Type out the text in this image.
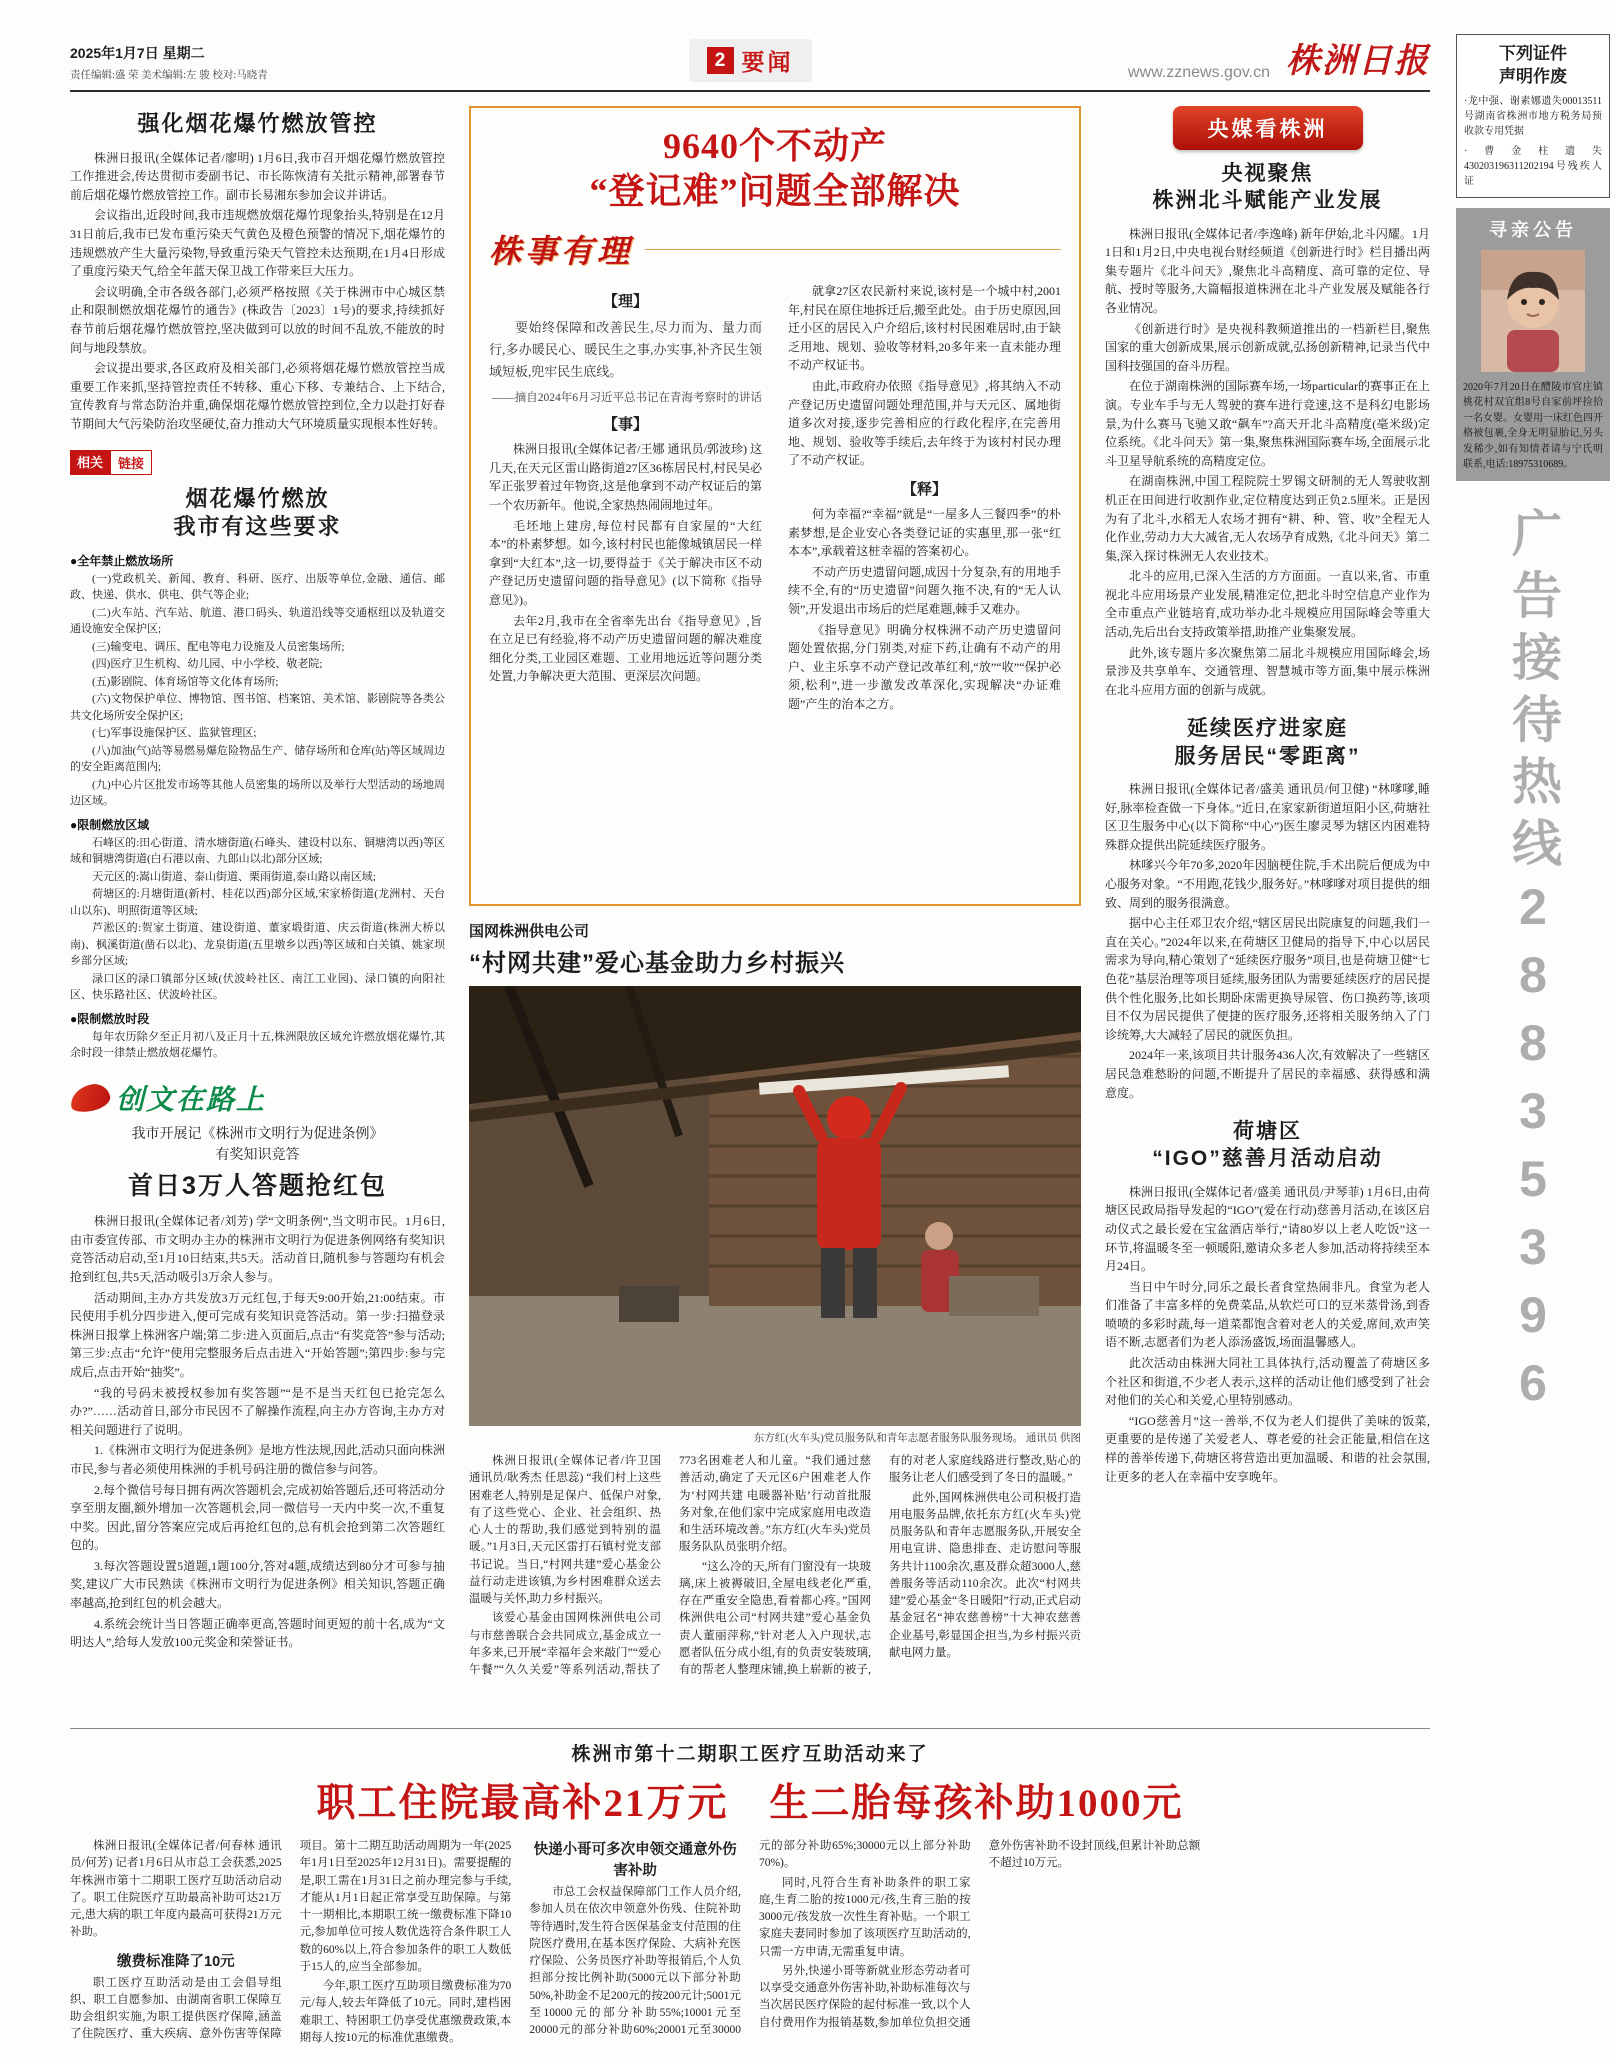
2025年1月7日 星期二
责任编辑:盛 荣 美术编辑:左 骏 校对:马晓青
2 要闻	www.zznews.gov.cn 株洲日报
强化烟花爆竹燃放管控

株洲日报讯(全媒体记者/廖明) 1月6日,我市召开烟花爆竹燃放管控工作推进会,传达贯彻市委副书记、市长陈恢清有关批示精神,部署春节前后烟花爆竹燃放管控工作。副市长易湘东参加会议并讲话。

会议指出,近段时间,我市违规燃放烟花爆竹现象抬头,特别是在12月31日前后,我市已发布重污染天气黄色及橙色预警的情况下,烟花爆竹的违规燃放产生大量污染物,导致重污染天气管控未达预期,在1月4日形成了重度污染天气,给全年蓝天保卫战工作带来巨大压力。

会议明确,全市各级各部门,必须严格按照《关于株洲市中心城区禁止和限制燃放烟花爆竹的通告》(株政告〔2023〕1号)的要求,持续抓好春节前后烟花爆竹燃放管控,坚决做到可以放的时间不乱放,不能放的时间与地段禁放。

会议提出要求,各区政府及相关部门,必须将烟花爆竹燃放管控当成重要工作来抓,坚持管控责任不转移、重心下移、专兼结合、上下结合,宣传教育与常态防治并重,确保烟花爆竹燃放管控到位,全力以赴打好春节期间大气污染防治攻坚硬仗,奋力推动大气环境质量实现根本性好转。

相关	链接
烟花爆竹燃放
我市有这些要求
●全年禁止燃放场所

(一)党政机关、新闻、教育、科研、医疗、出版等单位,金融、通信、邮政、快递、供水、供电、供气等企业;

(二)火车站、汽车站、航道、港口码头、轨道沿线等交通枢纽以及轨道交通设施安全保护区;

(三)输变电、调压、配电等电力设施及人员密集场所;

(四)医疗卫生机构、幼儿园、中小学校、敬老院;

(五)影剧院、体育场馆等文化体育场所;

(六)文物保护单位、博物馆、图书馆、档案馆、美术馆、影剧院等各类公共文化场所安全保护区;

(七)军事设施保护区、监狱管理区;

(八)加油(气)站等易燃易爆危险物品生产、储存场所和仓库(站)等区域周边的安全距离范围内;

(九)中心片区批发市场等其他人员密集的场所以及举行大型活动的场地周边区域。

●限制燃放区域

石峰区的:田心街道、清水塘街道(石峰头、建设村以东、铜塘湾以西)等区域和铜塘湾街道(白石港以南、九郎山以北)部分区域;

天元区的:嵩山街道、泰山街道、栗雨街道,泰山路以南区域;

荷塘区的:月塘街道(新村、桂花以西)部分区域,宋家桥街道(龙洲村、天台山以东)、明照街道等区域;

芦淞区的:贺家土街道、建设街道、董家塅街道、庆云街道(株洲大桥以南)、枫溪街道(凿石以北)、龙泉街道(五里墩乡以西)等区域和白关镇、姚家坝乡部分区域;

渌口区的渌口镇部分区域(伏波岭社区、南江工业园)、渌口镇的向阳社区、快乐路社区、伏波岭社区。

●限制燃放时段

每年农历除夕至正月初八及正月十五,株洲限放区域允许燃放烟花爆竹,其余时段一律禁止燃放烟花爆竹。

创文在路上
我市开展记《株洲市文明行为促进条例》
有奖知识竞答
首日3万人答题抢红包

株洲日报讯(全媒体记者/刘芳) 学“文明条例”,当文明市民。1月6日,由市委宣传部、市文明办主办的株洲市文明行为促进条例网络有奖知识竞答活动启动,至1月10日结束,共5天。活动首日,随机参与答题均有机会抢到红包,共5天,活动吸引3万余人参与。

活动期间,主办方共发放3万元红包,于每天9:00开始,21:00结束。市民使用手机分四步进入,便可完成有奖知识竞答活动。第一步:扫描登录株洲日报掌上株洲客户端;第二步:进入页面后,点击“有奖竞答”参与活动;第三步:点击“允许”使用完整服务后点击进入“开始答题”;第四步:参与完成后,点击开始“抽奖”。

“我的号码未被授权参加有奖答题”“是不是当天红包已抢完怎么办?”……活动首日,部分市民因不了解操作流程,向主办方咨询,主办方对相关问题进行了说明。

1.《株洲市文明行为促进条例》是地方性法规,因此,活动只面向株洲市民,参与者必须使用株洲的手机号码注册的微信参与问答。

2.每个微信号每日拥有两次答题机会,完成初始答题后,还可将活动分享至朋友圈,额外增加一次答题机会,同一微信号一天内中奖一次,不重复中奖。因此,留分答案应完成后再抢红包的,总有机会抢到第二次答题红包的。

3.每次答题设置5道题,1题100分,答对4题,成绩达到80分才可参与抽奖,建议广大市民熟读《株洲市文明行为促进条例》相关知识,答题正确率越高,抢到红包的机会越大。

4.系统会统计当日答题正确率更高,答题时间更短的前十名,成为“文明达人”,给每人发放100元奖金和荣誉证书。

9640个不动产
“登记难”问题全部解决
株事有理
【理】

要始终保障和改善民生,尽力而为、量力而行,多办暖民心、暖民生之事,办实事,补齐民生领域短板,兜牢民生底线。

——摘自2024年6月习近平总书记在青海考察时的讲话

【事】

株洲日报讯(全媒体记者/王娜 通讯员/郭波珍) 这几天,在天元区雷山路街道27区36栋居民村,村民吴必军正张罗着过年物资,这是他拿到不动产权证后的第一个农历新年。他说,全家热热闹闹地过年。

毛坯地上建房,每位村民都有自家屋的“大红本”的朴素梦想。如今,该村村民也能像城镇居民一样拿到“大红本”,这一切,要得益于《关于解决市区不动产登记历史遗留问题的指导意见》(以下简称《指导意见》)。

去年2月,我市在全省率先出台《指导意见》,旨在立足已有经验,将不动产历史遗留问题的解决难度细化分类,工业园区难题、工业用地远近等问题分类处置,力争解决更大范围、更深层次问题。

就拿27区农民新村来说,该村是一个城中村,2001年,村民在原住地拆迁后,搬至此处。由于历史原因,回迁小区的居民入户介绍后,该村村民困难居时,由于缺乏用地、规划、验收等材料,20多年来一直未能办理不动产权证书。

由此,市政府办依照《指导意见》,将其纳入不动产登记历史遗留问题处理范围,并与天元区、属地街道多次对接,逐步完善相应的行政化程序,在完善用地、规划、验收等手续后,去年终于为该村村民办理了不动产权证。

【释】

何为幸福?“幸福”就是“一屋多人三餐四季”的朴素梦想,是企业安心各类登记证的实惠里,那一张“红本本”,承载着这桩幸福的答案初心。

不动产历史遗留问题,成因十分复杂,有的用地手续不全,有的“历史遗留”问题久拖不决,有的“无人认领”,开发退出市场后的烂尾难题,棘手又难办。

《指导意见》明确分权株洲不动产历史遗留问题处置依据,分门别类,对症下药,让确有不动产的用户、业主乐享不动产登记改革红利,“放”“收”“保护必须,松利”,进一步激发改革深化,实现解决“办证难题”产生的治本之方。

国网株洲供电公司
“村网共建”爱心基金助力乡村振兴
东方红(火车头)党员服务队和青年志愿者服务队服务现场。 通讯员 供图

株洲日报讯(全媒体记者/许卫国 通讯员/耿秀杰 任思蕊) “我们村上这些困难老人,特别是足保户、低保户对象,有了这些党心、企业、社会组织、热心人士的帮助,我们感觉到特别的温暖。”1月3日,天元区雷打石镇村党支部书记说。当日,“村网共建”爱心基金公益行动走进该镇,为乡村困难群众送去温暖与关怀,助力乡村振兴。

该爱心基金由国网株洲供电公司与市慈善联合会共同成立,基金成立一年多来,已开展“幸福年会来敲门”“爱心午餐”“久久关爱”等系列活动,帮扶了773名困难老人和儿童。“我们通过慈善活动,确定了天元区6户困难老人作为‘村网共建 电暖器补贴’行动首批服务对象,在他们家中完成家庭用电改造和生活环境改善。”东方红(火车头)党员服务队队员张明介绍。

“这么冷的天,所有门窗没有一块玻璃,床上被褥破旧,全屋电线老化严重,存在严重安全隐患,看着都心疼。”国网株洲供电公司“村网共建”爱心基金负责人董丽萍称,“针对老人入户现状,志愿者队伍分成小组,有的负责安装玻璃,有的帮老人整理床铺,换上崭新的被子,有的对老人家庭线路进行整改,贴心的服务让老人们感受到了冬日的温暖。”

此外,国网株洲供电公司积极打造用电服务品牌,依托东方红(火车头)党员服务队和青年志愿服务队,开展安全用电宣讲、隐患排查、走访慰问等服务共计1100余次,惠及群众超3000人,慈善服务等活动110余次。此次“村网共建”爱心基金“冬日暖阳”行动,正式启动基金冠名“神农慈善榜”十大神农慈善企业基号,彰显国企担当,为乡村振兴贡献电网力量。

央媒看株洲
央视聚焦
株洲北斗赋能产业发展

株洲日报讯(全媒体记者/李逸峰) 新年伊始,北斗闪耀。1月1日和1月2日,中央电视台财经频道《创新进行时》栏目播出两集专题片《北斗问天》,聚焦北斗高精度、高可靠的定位、导航、授时等服务,大篇幅报道株洲在北斗产业发展及赋能各行各业情况。

《创新进行时》是央视科教频道推出的一档新栏目,聚焦国家的重大创新成果,展示创新成就,弘扬创新精神,记录当代中国科技强国的奋斗历程。

在位于湖南株洲的国际赛车场,一场particular的赛事正在上演。专业车手与无人驾驶的赛车进行竞速,这不是科幻电影场景,为什么赛马飞驰又敢“飙车”?高天开北斗高精度(毫米级)定位系统。《北斗问天》第一集,聚焦株洲国际赛车场,全面展示北斗卫星导航系统的高精度定位。

在湖南株洲,中国工程院院士罗锡文研制的无人驾驶收割机正在田间进行收割作业,定位精度达到正负2.5厘米。正是因为有了北斗,水稻无人农场才拥有“耕、种、管、收”全程无人化作业,劳动力大大减省,无人农场孕育成熟,《北斗问天》第二集,深入探讨株洲无人农业技术。

北斗的应用,已深入生活的方方面面。一直以来,省、市重视北斗应用场景产业发展,精准定位,把北斗时空信息产业作为全市重点产业链培育,成功举办北斗规模应用国际峰会等重大活动,先后出台支持政策举措,助推产业集聚发展。

此外,该专题片多次聚焦第二届北斗规模应用国际峰会,场景涉及共享单车、交通管理、智慧城市等方面,集中展示株洲在北斗应用方面的创新与成就。

延续医疗进家庭
服务居民“零距离”

株洲日报讯(全媒体记者/盛美 通讯员/何卫健) “林嗲嗲,睡好,脉率检查做一下身体。”近日,在家家新街道垣阳小区,荷塘社区卫生服务中心(以下简称“中心”)医生廖灵琴为辖区内困难特殊群众提供出院延续医疗服务。

林嗲兴今年70多,2020年因脑梗住院,手术出院后便成为中心服务对象。“不用跑,花钱少,服务好。”林嗲嗲对项目提供的细致、周到的服务很满意。

据中心主任邓卫农介绍,“辖区居民出院康复的问题,我们一直在关心。”2024年以来,在荷塘区卫健局的指导下,中心以居民需求为导向,精心策划了“延续医疗服务”项目,也是荷塘卫健“七色花”基层治理等项目延续,服务团队为需要延续医疗的居民提供个性化服务,比如长期卧床需更换导尿管、伤口换药等,该项目不仅为居民提供了便捷的医疗服务,还将相关服务纳入了门诊统筹,大大减轻了居民的就医负担。

2024年一来,该项目共计服务436人次,有效解决了一些辖区居民急难愁盼的问题,不断提升了居民的幸福感、获得感和满意度。

荷塘区
“IGO”慈善月活动启动

株洲日报讯(全媒体记者/盛美 通讯员/尹琴菲) 1月6日,由荷塘区民政局指导发起的“IGO”(爱在行动)慈善月活动,在该区启动仪式之最长爱在宝盆酒店举行,“请80岁以上老人吃饭”这一环节,将温暖冬至一顿暖阳,邀请众多老人参加,活动将持续至本月24日。

当日中午时分,同乐之最长者食堂热闹非凡。食堂为老人们准备了丰富多样的免费菜品,从软烂可口的豆米蒸骨汤,到香喷喷的多彩时蔬,每一道菜都饱含着对老人的关爱,席间,欢声笑语不断,志愿者们为老人添汤盛饭,场面温馨感人。

此次活动由株洲大同社工具体执行,活动覆盖了荷塘区多个社区和街道,不少老人表示,这样的活动让他们感受到了社会对他们的关心和关爱,心里特别感动。

“IGO慈善月”这一善举,不仅为老人们提供了美味的饭菜,更重要的是传递了关爱老人、尊老爱的社会正能量,相信在这样的善举传递下,荷塘区将营造出更加温暖、和谐的社会氛围,让更多的老人在幸福中安享晚年。

株洲市第十二期职工医疗互助活动来了
职工住院最高补21万元　生二胎每孩补助1000元

株洲日报讯(全媒体记者/何春林 通讯员/何芳) 记者1月6日从市总工会获悉,2025年株洲市第十二期职工医疗互助活动启动了。职工住院医疗互助最高补助可达21万元,患大病的职工年度内最高可获得21万元补助。

缴费标准降了10元

职工医疗互助活动是由工会倡导组织、职工自愿参加、由湖南省职工保障互助会组织实施,为职工提供医疗保障,涵盖了住院医疗、重大疾病、意外伤害等保障项目。第十二期互助活动周期为一年(2025年1月1日至2025年12月31日)。需要提醒的是,职工需在1月31日之前办理完参与手续,才能从1月1日起正常享受互助保障。与第十一期相比,本期职工统一缴费标准下降10元,参加单位可按人数优选符合条件职工人数的60%以上,符合参加条件的职工人数低于15人的,应当全部参加。

今年,职工医疗互助项目缴费标准为70元/每人,较去年降低了10元。同时,建档困难职工、特困职工仍享受优惠缴费政策,本期每人按10元的标准优惠缴费。

快递小哥可多次申领交通意外伤害补助

市总工会权益保障部门工作人员介绍,参加人员在依次申领意外伤残、住院补助等待遇时,发生符合医保基金支付范围的住院医疗费用,在基本医疗保险、大病补充医疗保险、公务员医疗补助等报销后,个人负担部分按比例补助(5000元以下部分补助50%,补助金不足200元的按200元计;5001元至10000元的部分补助55%;10001元至20000元的部分补助60%;20001元至30000元的部分补助65%;30000元以上部分补助70%)。

同时,凡符合生育补助条件的职工家庭,生育二胎的按1000元/孩,生育三胎的按3000元/孩发放一次性生育补贴。一个职工家庭夫妻同时参加了该项医疗互助活动的,只需一方申请,无需重复申请。

另外,快递小哥等新就业形态劳动者可以享受交通意外伤害补助,补助标准每次与当次居民医疗保险的起付标准一致,以个人自付费用作为报销基数,参加单位负担交通意外伤害补助不设封顶线,但累计补助总额不超过10万元。

下列证件
声明作废

·龙中强、谢素娜遗失00013511号湖南省株洲市地方税务局预收款专用凭据

·曹金柱遗失430203196311202194号残疾人证

寻亲公告
2020年7月20日在醴陵市官庄镇桃花村双宜组8号自家前坪捡拾一名女婴。女婴用一床红色四开格被包裹,全身无明显胎记,另头发稀少,如有知情者请与宁氏明联系,电话:18975310689。
广告接待热线28835396
